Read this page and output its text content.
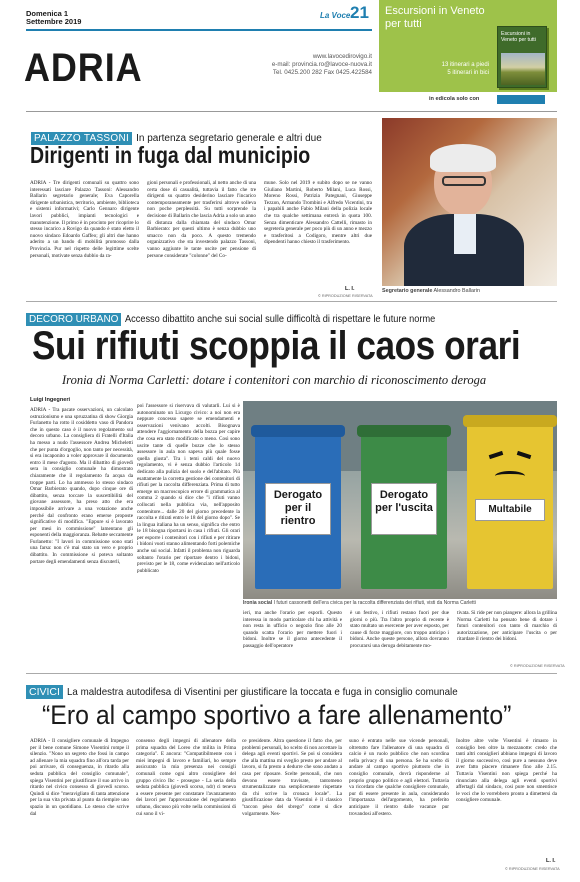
Domenica 1
Settembre 2019
La Voce 21
ADRIA	www.lavocedirovigo.it
e-mail: provincia.ro@lavoce-nuova.it
Tel. 0425.200 282 Fax 0425.422584
Escursioni in Veneto
per tutti
Escursioni in Veneto per tutti
13 itinerari a piedi
5 itinerari in bici
in edicola solo con
PALAZZO TASSONI In partenza segretario generale e altri due
Dirigenti in fuga dal municipio
ADRIA - Tre dirigenti comunali su quattro sono interessati lasciare Palazzo Tassoni: Alessandro Ballarin segretario generale; Eva Caporella dirigente urbanistica, territorio, ambiente, biblioteca e sistemi informativi; Carlo Gennaro dirigente lavori pubblici, impianti tecnologici e manutenzione. Il primo è in procinto per ricoprire lo stesso incarico a Rovigo da quando è stato eletto il nuovo sindaco Edoardo Gaffeo; gli altri due hanno aderito a un bando di mobilità promosso dalla Provincia. Pur nel rispetto delle legittime scelte personali, motivate senza dubbio da ra-
gioni personali e professionali, al netto anche di una certa dose di casualità, tuttavia il fatto che tre dirigenti su quattro desiderino lasciare l'incarico contemporaneamente per trasferirsi altrove solleva non poche perplessità. Su tutti sorprende la decisione di Ballarin che lascia Adria a solo un anno di distanza dalla chiamata del sindaco Omar Barbierato: per questi ultimo è senza dubbio uno smacco non da poco. A questo tremendo organizzativo che sta investendo palazzo Tassoni, vanno aggiunte le tante uscite per pensione di persone considerate "colonne" del Co-
mune. Solo nel 2019 e subito dopo se ne vanno Giuliano Martini, Roberto Milani, Luca Rossi, Moreno Rossi, Patrizia Pategnani, Giuseppe Tezzon, Armando Trombini e Alfredo Vicentini, tra i papabili anche Fabio Milani della polizia locale che tra qualche settimana entrerà in quota 100. Senza dimenticare Alessandro Cattelli, rimasto in segreteria generale per poco più di un anno e mezzo e trasferitosi a Codigoro, mentre altri due dipendenti hanno chiesto il trasferimento.
L. I.
© RIPRODUZIONE RISERVATA
Segretario generale Alessandro Ballarin
DECORO URBANO Accesso dibattito anche sui social sulle difficoltà di rispettare le future norme
Sui rifiuti scoppia il caos orari
Ironia di Norma Carletti: dotare i contenitori con marchio di riconoscimento deroga
Luigi Ingegneri
ADRIA - Tra pacate osservazioni, un calcolato ostruzionismo e una spruzzatina di show Giorgia Furlanetto ha rotto il cosiddetto vaso di Pandora che in questo caso è il nuovo regolamento sul decoro urbano. La consigliera di Fratelli d'Italia ha messo a nudo l'assessore Andrea Micheletti che per punta d'orgoglio, non tanto per necessità, si era incaponito a voler approvare il documento entro il mese d'agosto. Ma il dibattito di giovedì sera in consiglio comunale ha dimostrato chiaramente che il regolamento fa acqua da troppe parti. Lo ha ammesso lo stesso sindaco Omar Barbierato quando, dopo cinque ore di dibattito, senza toccare la suscettibilità del giovane assessore, ha preso atto che era impossibile arrivare a una votazione anche perché dal confronto erano emerse proposte significative di modifica. "Eppure si è lavorato per mesi in commissione" lamentano gli esponenti della maggioranza. Rebatte seccamente Furlanetto: "I lavori in commissione sono stati una farsa: non c'è mai stato un vero e proprio dibattito. In commissione si poteva soltanto portare degli emendamenti senza discuterli,
poi l'assessore si riservava di valutarli. Lui si è autonominato un Licurgo civico: a noi non era neppure concesso sapere se emendamenti e osservazioni venivano accolti. Bisognava attendere l'aggiornamento della bozza per capire che cosa era stato modificato o meno. Così sono uscite tante di quelle bozze che lo stesso assessore in aula non sapeva più quale fosse quella giusta". Tra i temi caldi del nuovo regolamento, vi è senza dubbio l'articolo 14 dedicato alla pulizia del suolo e dell'abitato. Più esattamente la corretta gestione dei contenitori di rifiuti per la raccolta differenziata. Prima di tutto emerge un macroscopico errore di grammatica al comma 2 quando si dice che "i rifiuti vanno collocati nella pubblica via, nell'apposito contenitore... dalle 20 del giorno precedente la raccolta e ritirati entro le 18 del giorno dopo". Se la lingua italiana ha un senso, significa che entro le 18 bisogna riportarsi in casa i rifiuti. Gli orari per esporre i contenitori con i rifiuti e per ritirare i bidoni vuoti stanno alimentando forti polemiche anche sui social. Infatti il problema non riguarda soltanto l'orario per riportare dentro i bidoni, previsto per le 18, come evidenziato nell'articolo pubblicato
Derogato per il rientro
Derogato per l'uscita	Multabile
Ironia social I futuri cassonetti dell'era civica per la raccolta differenziata dei rifiuti, visti da Norma Carletti
ieri, ma anche l'orario per esporli. Questo interessa in modo particolare chi ha attività e non resta in ufficio o negozio fino alle 20 quando scatta l'orario per mettere fuori i bidoni. Inoltre se il giorno antecedente il passaggio dell'operatore
è un festivo, i rifiuti restano fuori per due giorni o più. Tra l'altro proprio di recente è stato multato un esercente per aver esposto, per cause di forze maggiore, con troppo anticipo i bidoni. Anche queste persone, allora dovranno procurarsi una deroga debitamente mo-
tivata. Si ride per non piangere: allora la grillina Norma Carletti ha pensato bene di dotare i futuri contenitori con tanto di marchio di autorizzazione, per anticipare l'uscita o per ritardare il rientro dei bidoni.
© RIPRODUZIONE RISERVATA
CIVICI La maldestra autodifesa di Visentini per giustificare la toccata e fuga in consiglio comunale
“Ero al campo sportivo a fare allenamento”
ADRIA - Il consigliere comunale di Impegno per il bene comune Simone Visentini rompe il silenzio. "Nono un segreto che fossi in campo ad allenare la mia squadra fino all'ora tarda per poi arrivare, di conseguenza, in ritardo alla seduta pubblica del consiglio comunale", spiega Visentini per giustificare il suo arrivo in ritardo nel civico consesso di giovedì scorso. Quindi si dice "meravigliato di tanta attenzione per la sua vita privata al punto da riempire uno spazio in un quotidiano. Lo stesso che scrive dal
consenso degli impegni di allenatore della prima squadra del Loreo che milita in Prima categoria". E ancora: "Compatibilmente con i miei impegni di lavoro e familiari, ho sempre assicurato la mia presenza nei consigli comunali come ogni altro consigliere del gruppo civico Ibc - prosegue - La seria della seduta pubblica (giovedì scorso, ndr) ci teneva a essere presente per constatare l'avanzamento dei lavori per l'approvazione del regolamento urbano, discusso più volte nella commissioni di cui sono il vi-
ce presidente. Altra questione il fatto che, per problemi personali, ho scelto di non accettare la delega agli eventi sportivi. Se poi si considera che alla mattina mi sveglio presto per andare al lavoro, si fa presto a dedurre che sono andato a casa per riposare. Scelte personali, che non devono essere travisate, tantomeno strumentalizzate ma semplicemente rispettate da chi scrive la cronaca locale". La giustificazione data da Visentini è il classico "taccon pèso del sbrego" come si dice volgarmente. Nes-
suno è entrato nelle sue vicende personali, oltretutto fare l'allenatore di una squadra di calcio è un ruolo pubblico che non scordina nella privacy di una persona. Se ha scelto di andare al campo sportivo piuttosto che in consiglio comunale, dovrà risponderne al proprio gruppo politico e agli elettori. Tuttavia va ricordato che qualche consigliere comunale, pur di essere presente in aula, considerando l'importanza dell'argomento, ha preferito anticipare il rientro dalle vacanze pur trovandosi all'estero.
Inoltre altre volte Visentini è rimasto in consiglio ben oltre la mezzanotte: credo che tanti altri consiglieri abbiano impegni di lavoro il giorno successivo, così pure a nessuno deve aver fatto piacere rimanere fino alle 2.15. Tuttavia Visentini non spiega perché ha rinunciato alla delega agli eventi sportivi affertagli dal sindaco, così pure non smentisce le voci che lo vorrebbero pronto a dimettersi da consigliere comunale.
L. I.
© RIPRODUZIONE RISERVATA
